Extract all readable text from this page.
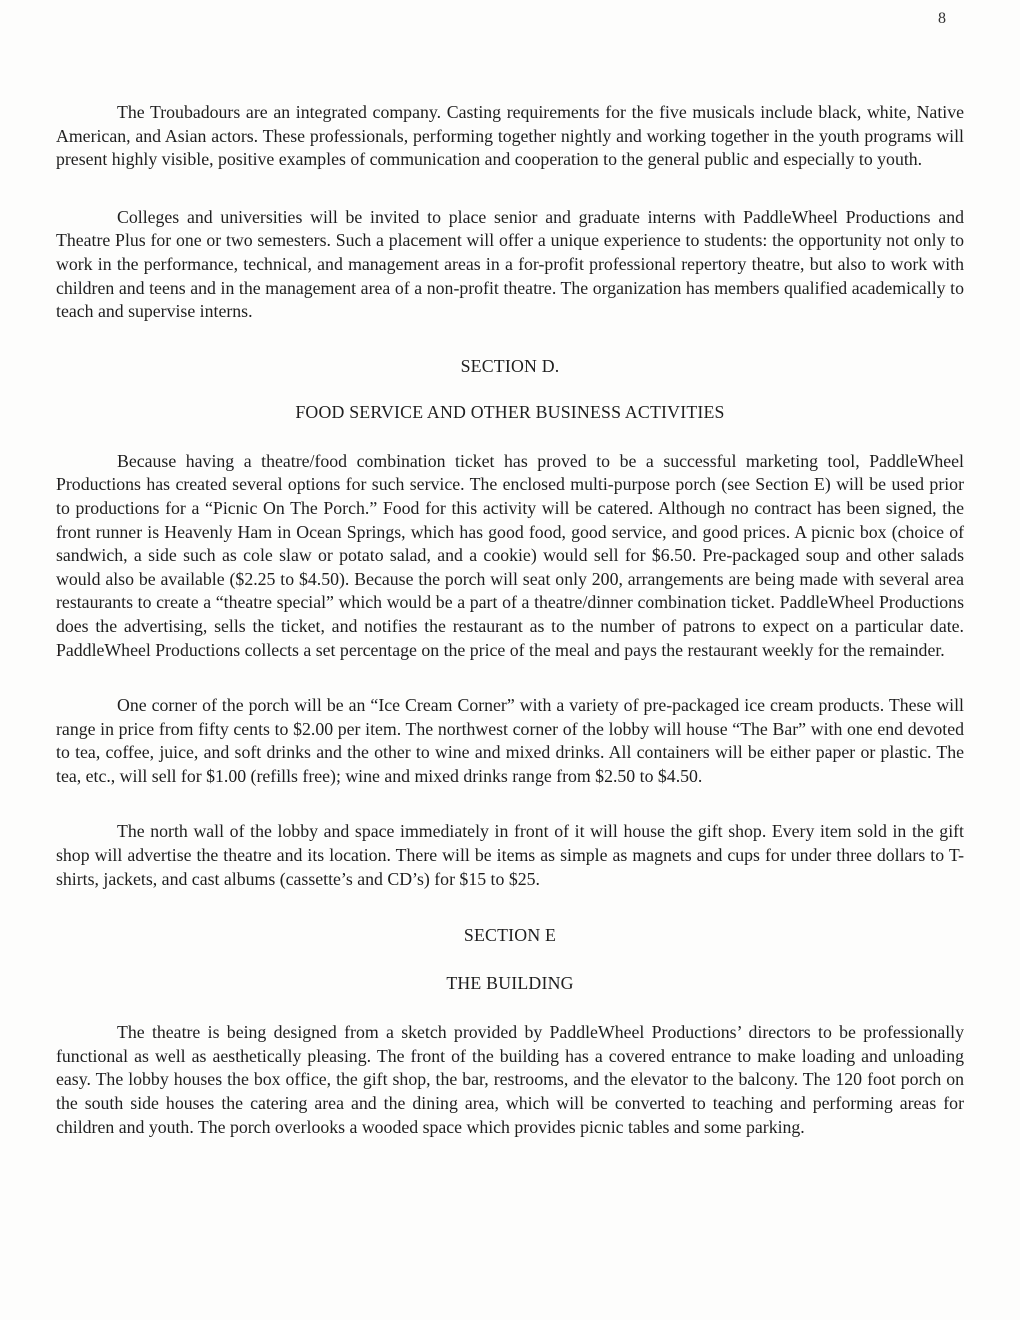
8

The Troubadours are an integrated company. Casting requirements for the five musicals include black, white, Native American, and Asian actors. These professionals, performing together nightly and working together in the youth programs will present highly visible, positive examples of communication and cooperation to the general public and especially to youth.

Colleges and universities will be invited to place senior and graduate interns with PaddleWheel Productions and Theatre Plus for one or two semesters. Such a placement will offer a unique experience to students: the opportunity not only to work in the performance, technical, and management areas in a for-profit professional repertory theatre, but also to work with children and teens and in the management area of a non-profit theatre. The organization has members qualified academically to teach and supervise interns.

SECTION D.
FOOD SERVICE AND OTHER BUSINESS ACTIVITIES

Because having a theatre/food combination ticket has proved to be a successful marketing tool, PaddleWheel Productions has created several options for such service. The enclosed multi-purpose porch (see Section E) will be used prior to productions for a “Picnic On The Porch.” Food for this activity will be catered. Although no contract has been signed, the front runner is Heavenly Ham in Ocean Springs, which has good food, good service, and good prices. A picnic box (choice of sandwich, a side such as cole slaw or potato salad, and a cookie) would sell for $6.50. Pre-packaged soup and other salads would also be available ($2.25 to $4.50). Because the porch will seat only 200, arrangements are being made with several area restaurants to create a “theatre special” which would be a part of a theatre/dinner combination ticket. PaddleWheel Productions does the advertising, sells the ticket, and notifies the restaurant as to the number of patrons to expect on a particular date. PaddleWheel Productions collects a set percentage on the price of the meal and pays the restaurant weekly for the remainder.

One corner of the porch will be an “Ice Cream Corner” with a variety of pre-packaged ice cream products. These will range in price from fifty cents to $2.00 per item. The northwest corner of the lobby will house “The Bar” with one end devoted to tea, coffee, juice, and soft drinks and the other to wine and mixed drinks. All containers will be either paper or plastic. The tea, etc., will sell for $1.00 (refills free); wine and mixed drinks range from $2.50 to $4.50.

The north wall of the lobby and space immediately in front of it will house the gift shop. Every item sold in the gift shop will advertise the theatre and its location. There will be items as simple as magnets and cups for under three dollars to T-shirts, jackets, and cast albums (cassette’s and CD’s) for $15 to $25.

SECTION E
THE BUILDING

The theatre is being designed from a sketch provided by PaddleWheel Productions’ directors to be professionally functional as well as aesthetically pleasing. The front of the building has a covered entrance to make loading and unloading easy. The lobby houses the box office, the gift shop, the bar, restrooms, and the elevator to the balcony. The 120 foot porch on the south side houses the catering area and the dining area, which will be converted to teaching and performing areas for children and youth. The porch overlooks a wooded space which provides picnic tables and some parking.
